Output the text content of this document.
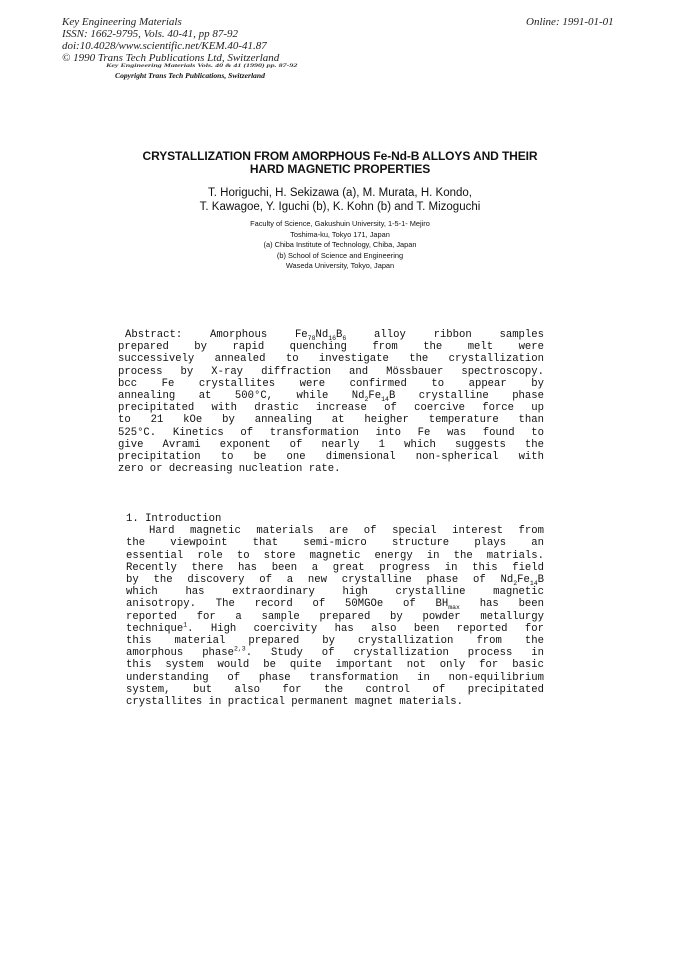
Key Engineering Materials
ISSN: 1662-9795, Vols. 40-41, pp 87-92
doi:10.4028/www.scientific.net/KEM.40-41.87
© 1990 Trans Tech Publications Ltd, Switzerland
Online: 1991-01-01
Key Engineering Materials Vols. 40 & 41 (1990) pp. 87-92
Copyright Trans Tech Publications, Switzerland
CRYSTALLIZATION FROM AMORPHOUS Fe-Nd-B ALLOYS AND THEIR
HARD MAGNETIC PROPERTIES
T. Horiguchi, H. Sekizawa (a), M. Murata, H. Kondo,
T. Kawagoe, Y. Iguchi (b), K. Kohn (b) and T. Mizoguchi
Faculty of Science, Gakushuin University, 1-5-1- Mejiro
Toshima-ku, Tokyo 171, Japan
(a) Chiba Institute of Technology, Chiba, Japan
(b) School of Science and Engineering
Waseda University, Tokyo, Japan
Abstract: Amorphous $Fe_{78}Nd_{16}B_6$ alloy ribbon samples
prepared by rapid quenching from the melt were
successively annealed to investigate the crystallization
process by X-ray diffraction and Mössbauer spectroscopy.
bcc Fe crystallites were confirmed to appear by
annealing at 500°C, while $Nd_2Fe_{14}B$ crystalline phase
precipitated with drastic increase of coercive force up
to 21 kOe by annealing at heigher temperature than
525°C. Kinetics of transformation into Fe was found to
give Avrami exponent of nearly 1 which suggests the
precipitation to be one dimensional non-spherical with
zero or decreasing nucleation rate.
1. Introduction
Hard magnetic materials are of special interest from
the viewpoint that semi-micro structure plays an
essential role to store magnetic energy in the matrials.
Recently there has been a great progress in this field
by the discovery of a new crystalline phase of $Nd_2Fe_{14}B$
which has extraordinary high crystalline magnetic
anisotropy. The record of 50MGOe of $BH_{max}$ has been
reported for a sample prepared by powder metallurgy
technique$^1$. High coercivity has also been reported for
this material prepared by crystallization from the
amorphous phase$^{2,3}$. Study of crystallization process in
this system would be quite important not only for basic
understanding of phase transformation in non-equilibrium
system, but also for the control of precipitated
crystallites in practical permanent magnet materials.
